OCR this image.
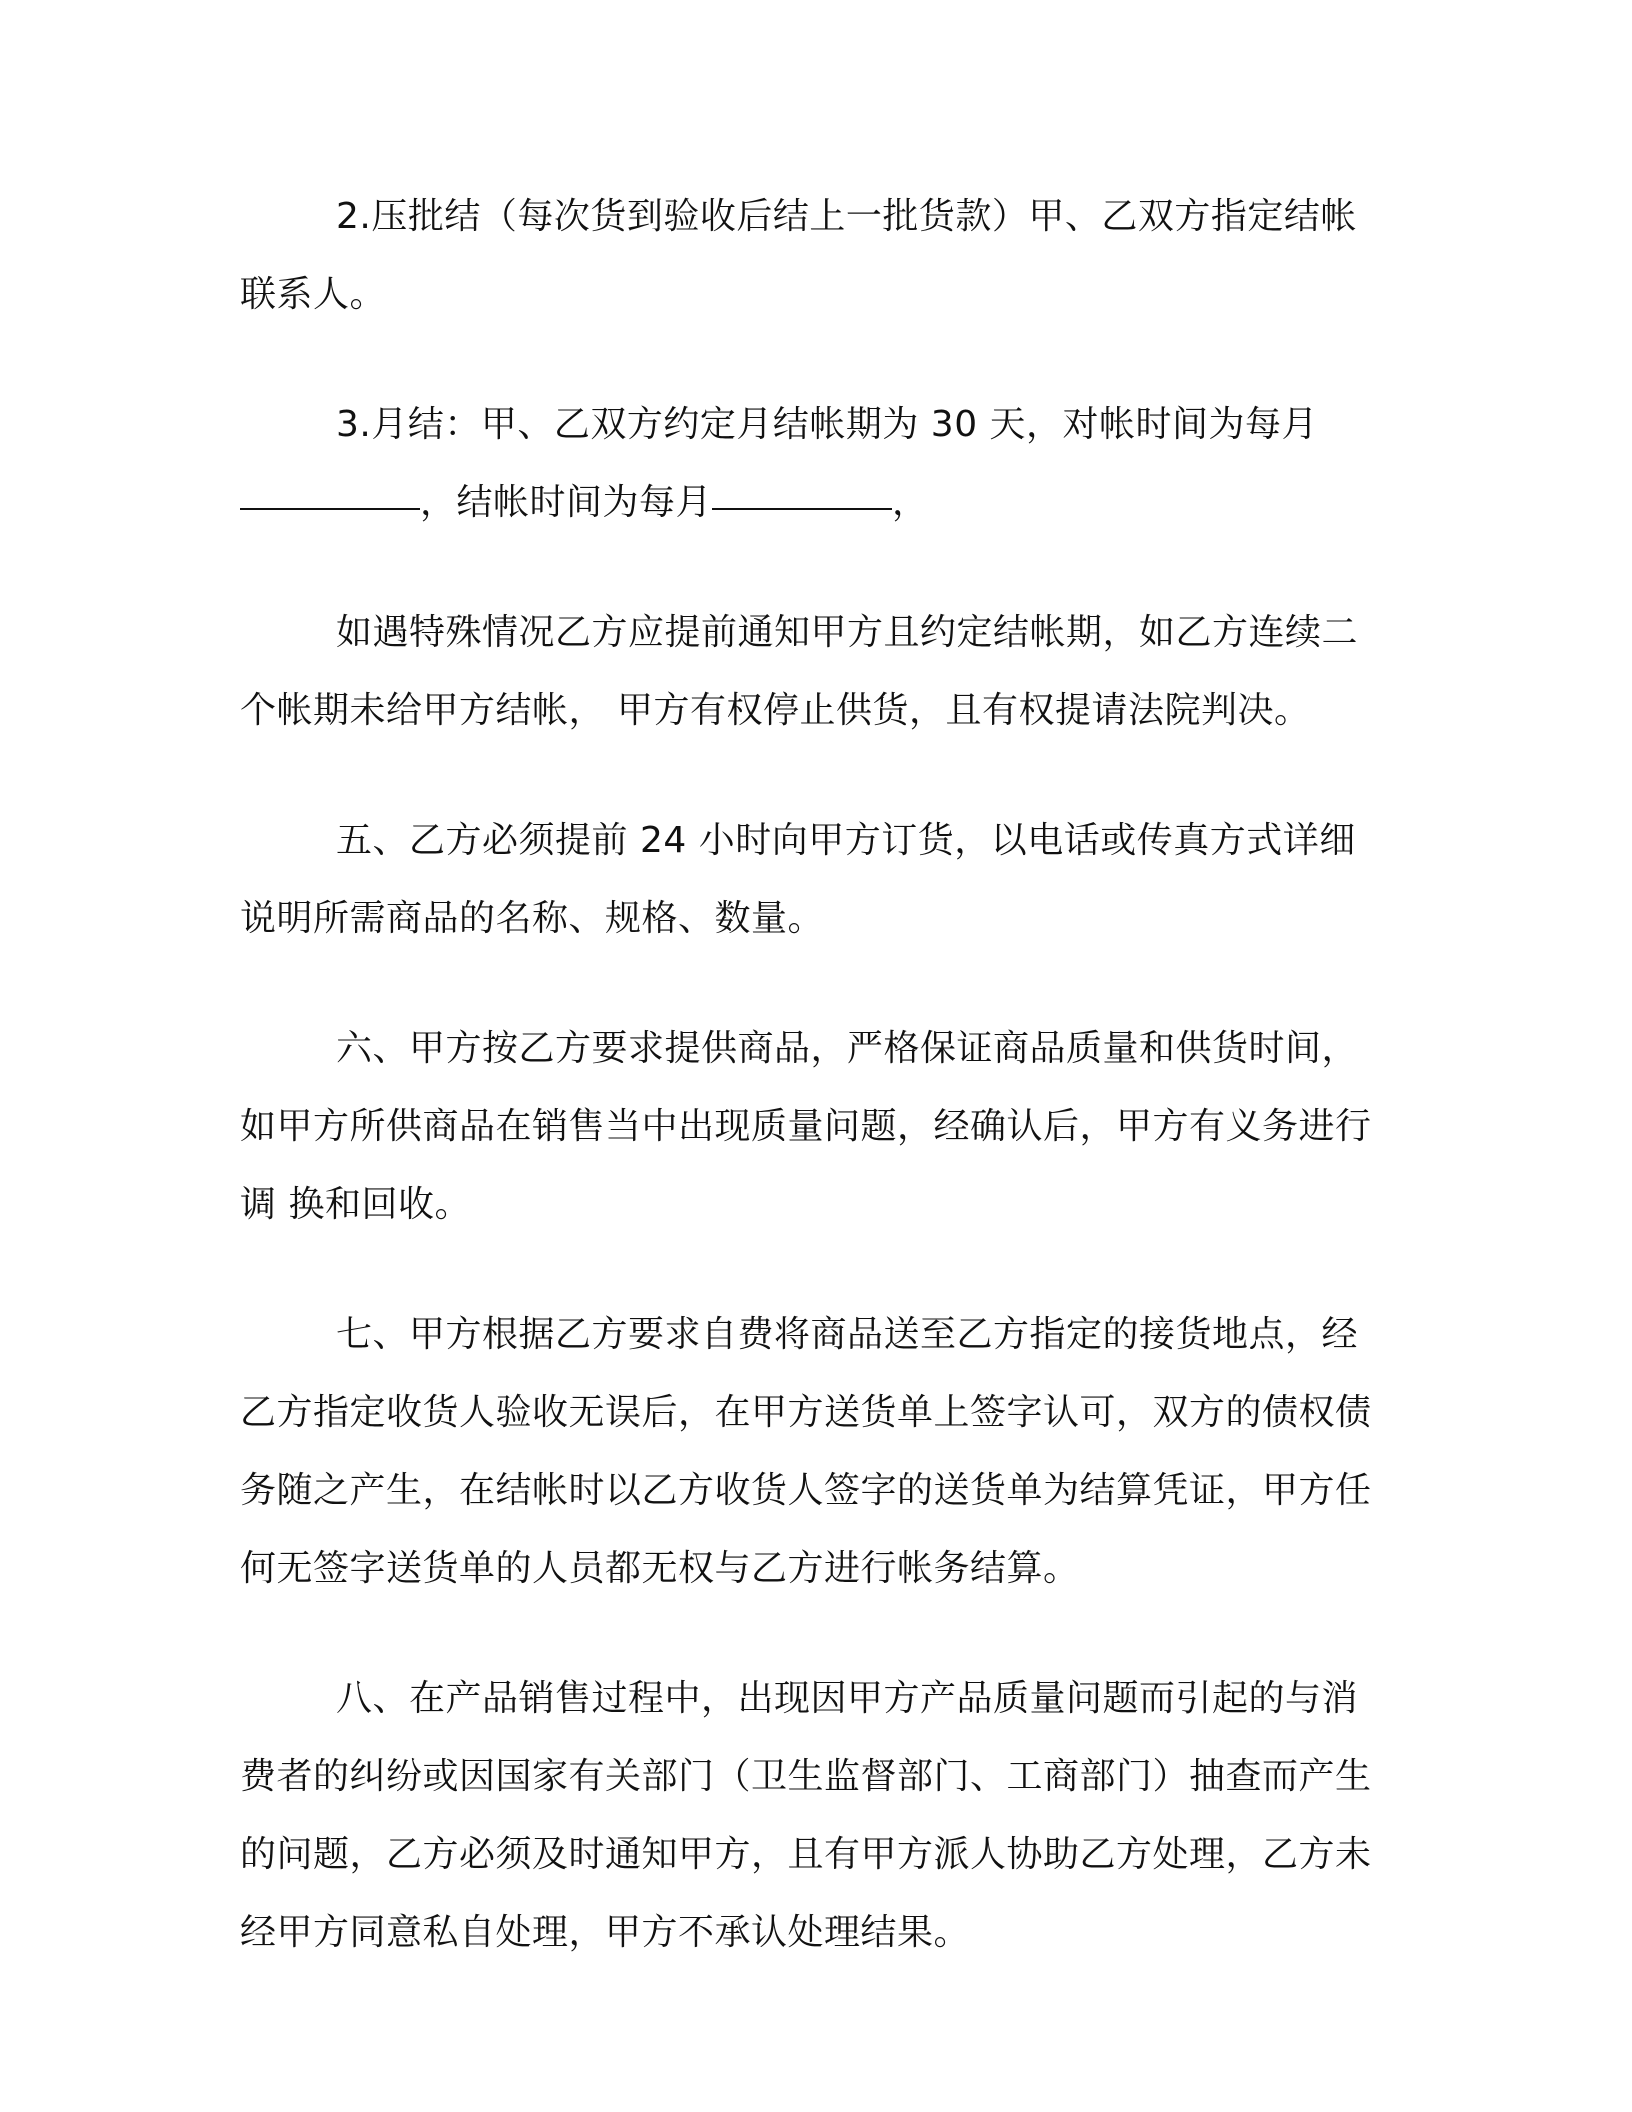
2.压批结（每次货到验收后结上一批货款）甲、乙双方指定结帐联系人。

3.月结：甲、乙双方约定月结帐期为 30 天，对帐时间为每月
，结帐时间为每月	，

如遇特殊情况乙方应提前通知甲方且约定结帐期，如乙方连续二个帐期未给甲方结帐， 甲方有权停止供货，且有权提请法院判决。

五、乙方必须提前 24 小时向甲方订货，以电话或传真方式详细说明所需商品的名称、规格、数量。

六、甲方按乙方要求提供商品，严格保证商品质量和供货时间，如甲方所供商品在销售当中出现质量问题，经确认后，甲方有义务进行调 换和回收。

七、甲方根据乙方要求自费将商品送至乙方指定的接货地点，经乙方指定收货人验收无误后，在甲方送货单上签字认可，双方的债权债务随之产生，在结帐时以乙方收货人签字的送货单为结算凭证，甲方任何无签字送货单的人员都无权与乙方进行帐务结算。

八、在产品销售过程中，出现因甲方产品质量问题而引起的与消费者的纠纷或因国家有关部门（卫生监督部门、工商部门）抽查而产生的问题，乙方必须及时通知甲方，且有甲方派人协助乙方处理，乙方未经甲方同意私自处理，甲方不承认处理结果。
